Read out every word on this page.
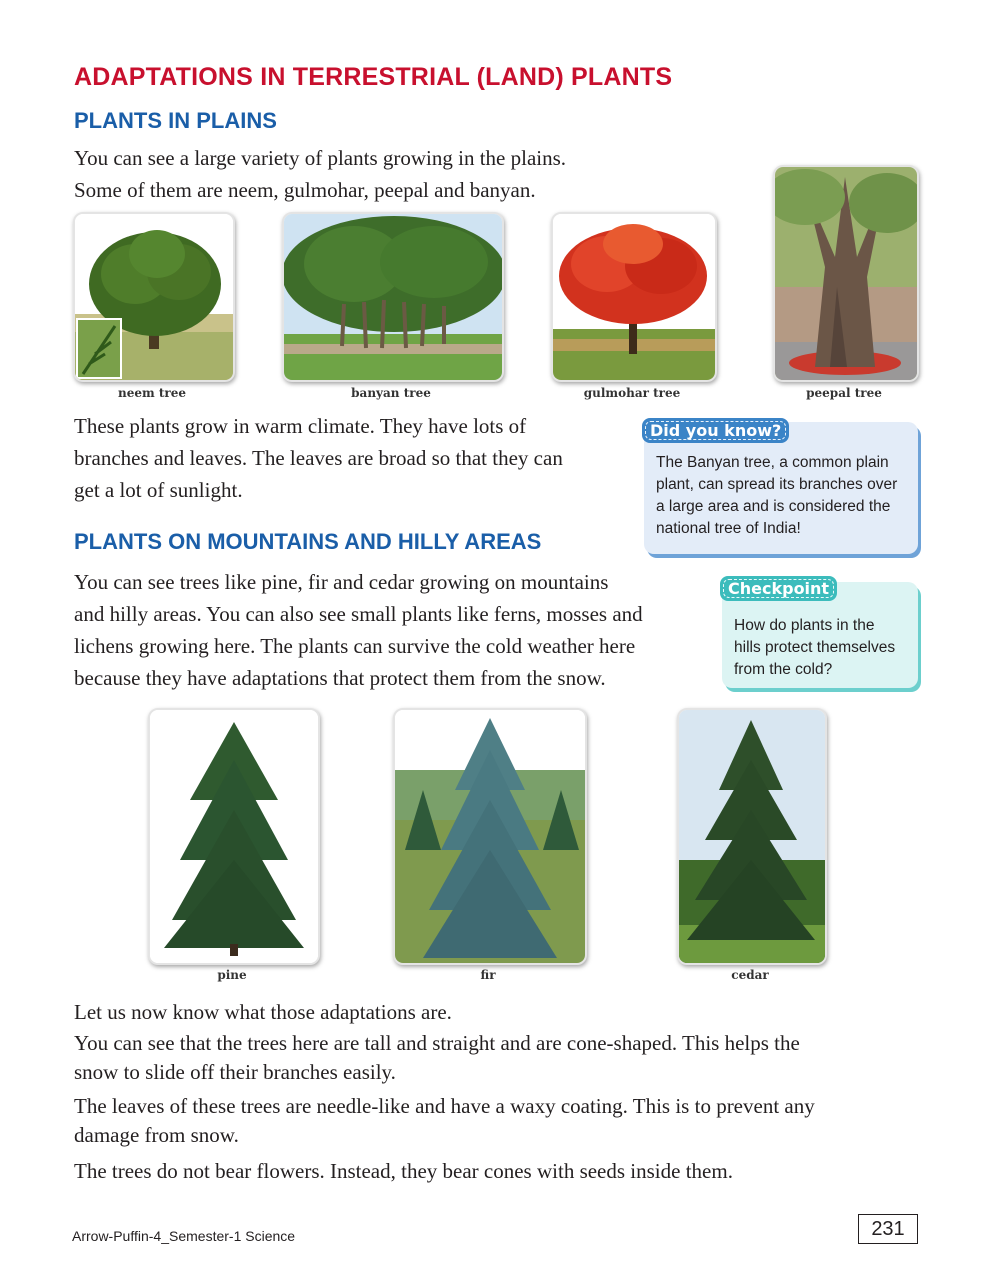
ADAPTATIONS IN TERRESTRIAL (LAND) PLANTS
PLANTS IN PLAINS
You can see a large variety of plants growing in the plains.
Some of them are neem, gulmohar, peepal and banyan.
neem tree	banyan tree	gulmohar tree	peepal tree
These plants grow in warm climate. They have lots of
branches and leaves. The leaves are broad so that they can
get a lot of sunlight.
Did you know?
The Banyan tree, a common plain
plant, can spread its branches over
a large area and is considered the
national tree of India!
PLANTS ON MOUNTAINS AND HILLY AREAS
You can see trees like pine, fir and cedar growing on mountains
and hilly areas. You can also see small plants like ferns, mosses and
lichens growing here. The plants can survive the cold weather here
because they have adaptations that protect them from the snow.
Checkpoint
How do plants in the
hills protect themselves
from the cold?
pine	fir	cedar
Let us now know what those adaptations are.
You can see that the trees here are tall and straight and are cone-shaped. This helps the
snow to slide off their branches easily.
The leaves of these trees are needle-like and have a waxy coating. This is to prevent any
damage from snow.
The trees do not bear flowers. Instead, they bear cones with seeds inside them.
Arrow-Puffin-4_Semester-1 Science	231
